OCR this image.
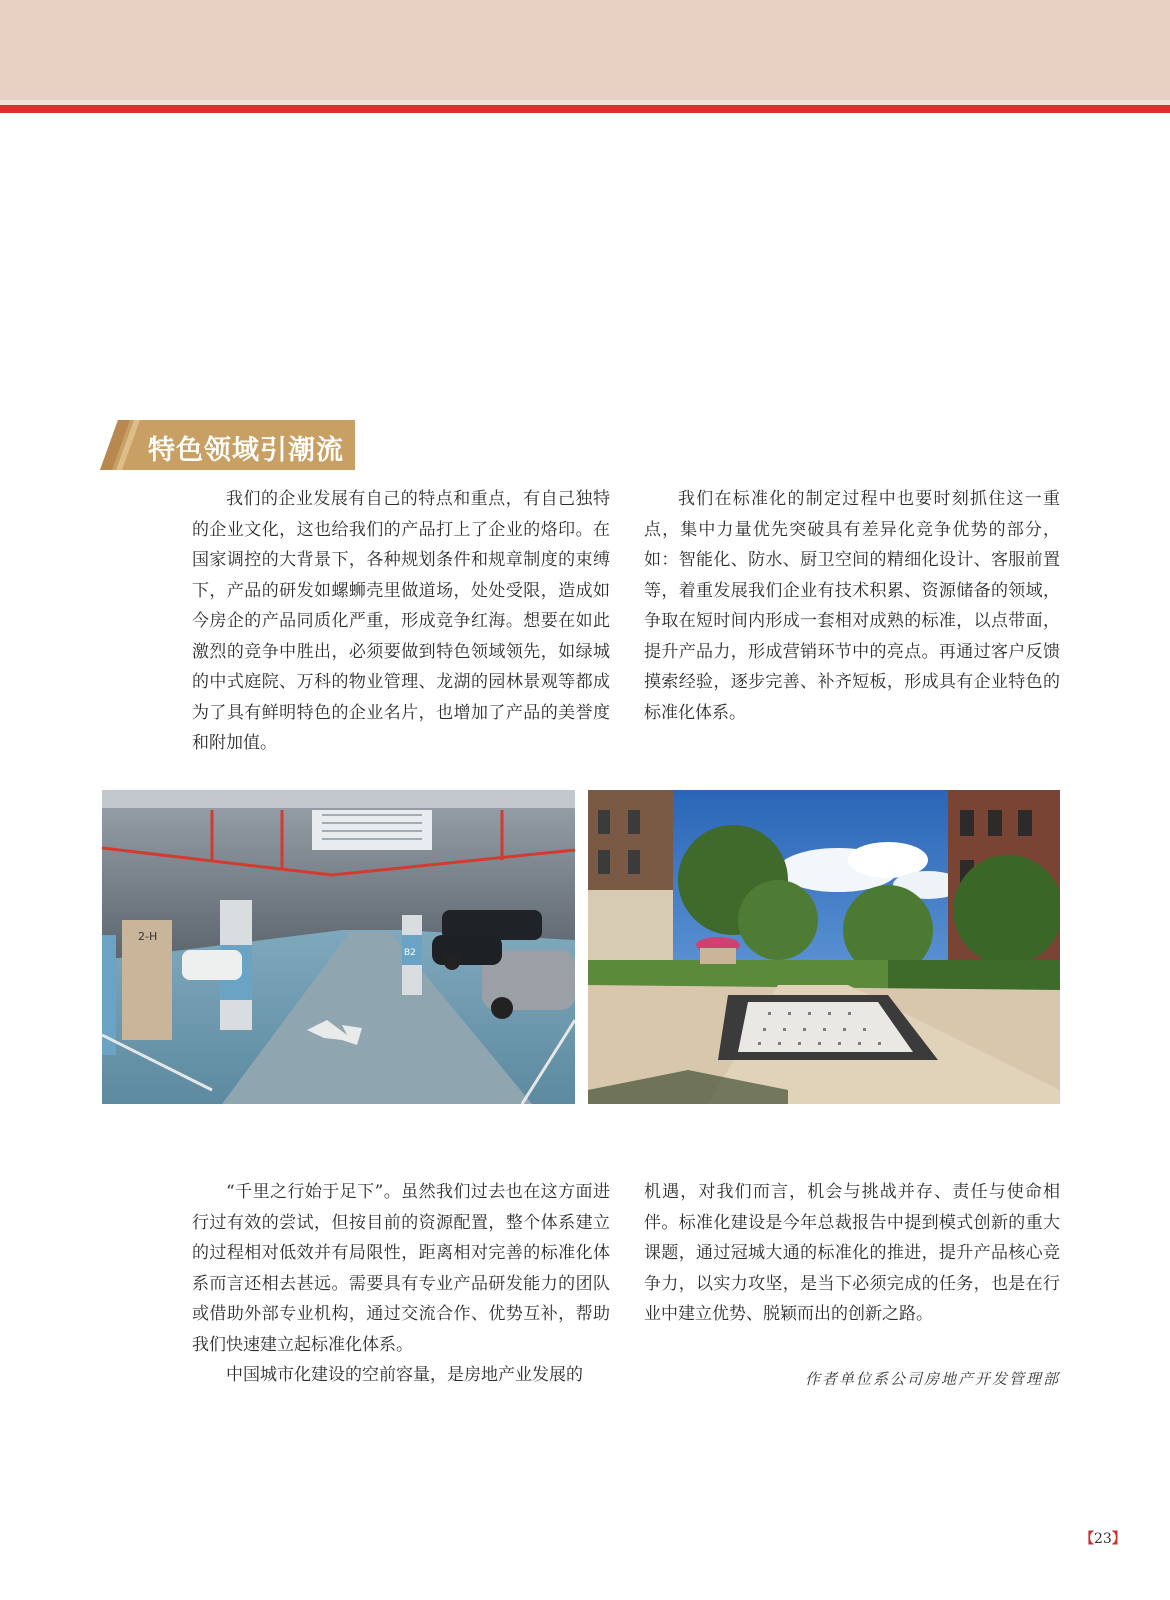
特色领域引潮流

我们的企业发展有自己的特点和重点，有自己独特的企业文化，这也给我们的产品打上了企业的烙印。在国家调控的大背景下，各种规划条件和规章制度的束缚下，产品的研发如螺蛳壳里做道场，处处受限，造成如今房企的产品同质化严重，形成竞争红海。想要在如此激烈的竞争中胜出，必须要做到特色领域领先，如绿城的中式庭院、万科的物业管理、龙湖的园林景观等都成为了具有鲜明特色的企业名片，也增加了产品的美誉度和附加值。

我们在标准化的制定过程中也要时刻抓住这一重点，集中力量优先突破具有差异化竞争优势的部分，如：智能化、防水、厨卫空间的精细化设计、客服前置等，着重发展我们企业有技术积累、资源储备的领域，争取在短时间内形成一套相对成熟的标准，以点带面，提升产品力，形成营销环节中的亮点。再通过客户反馈摸索经验，逐步完善、补齐短板，形成具有企业特色的标准化体系。

2-H
B2

“千里之行始于足下”。虽然我们过去也在这方面进行过有效的尝试，但按目前的资源配置，整个体系建立的过程相对低效并有局限性，距离相对完善的标准化体系而言还相去甚远。需要具有专业产品研发能力的团队或借助外部专业机构，通过交流合作、优势互补，帮助我们快速建立起标准化体系。

中国城市化建设的空前容量，是房地产业发展的

机遇，对我们而言，机会与挑战并存、责任与使命相伴。标准化建设是今年总裁报告中提到模式创新的重大课题，通过冠城大通的标准化的推进，提升产品核心竞争力，以实力攻坚，是当下必须完成的任务，也是在行业中建立优势、脱颖而出的创新之路。

作者单位系公司房地产开发管理部
【23】
